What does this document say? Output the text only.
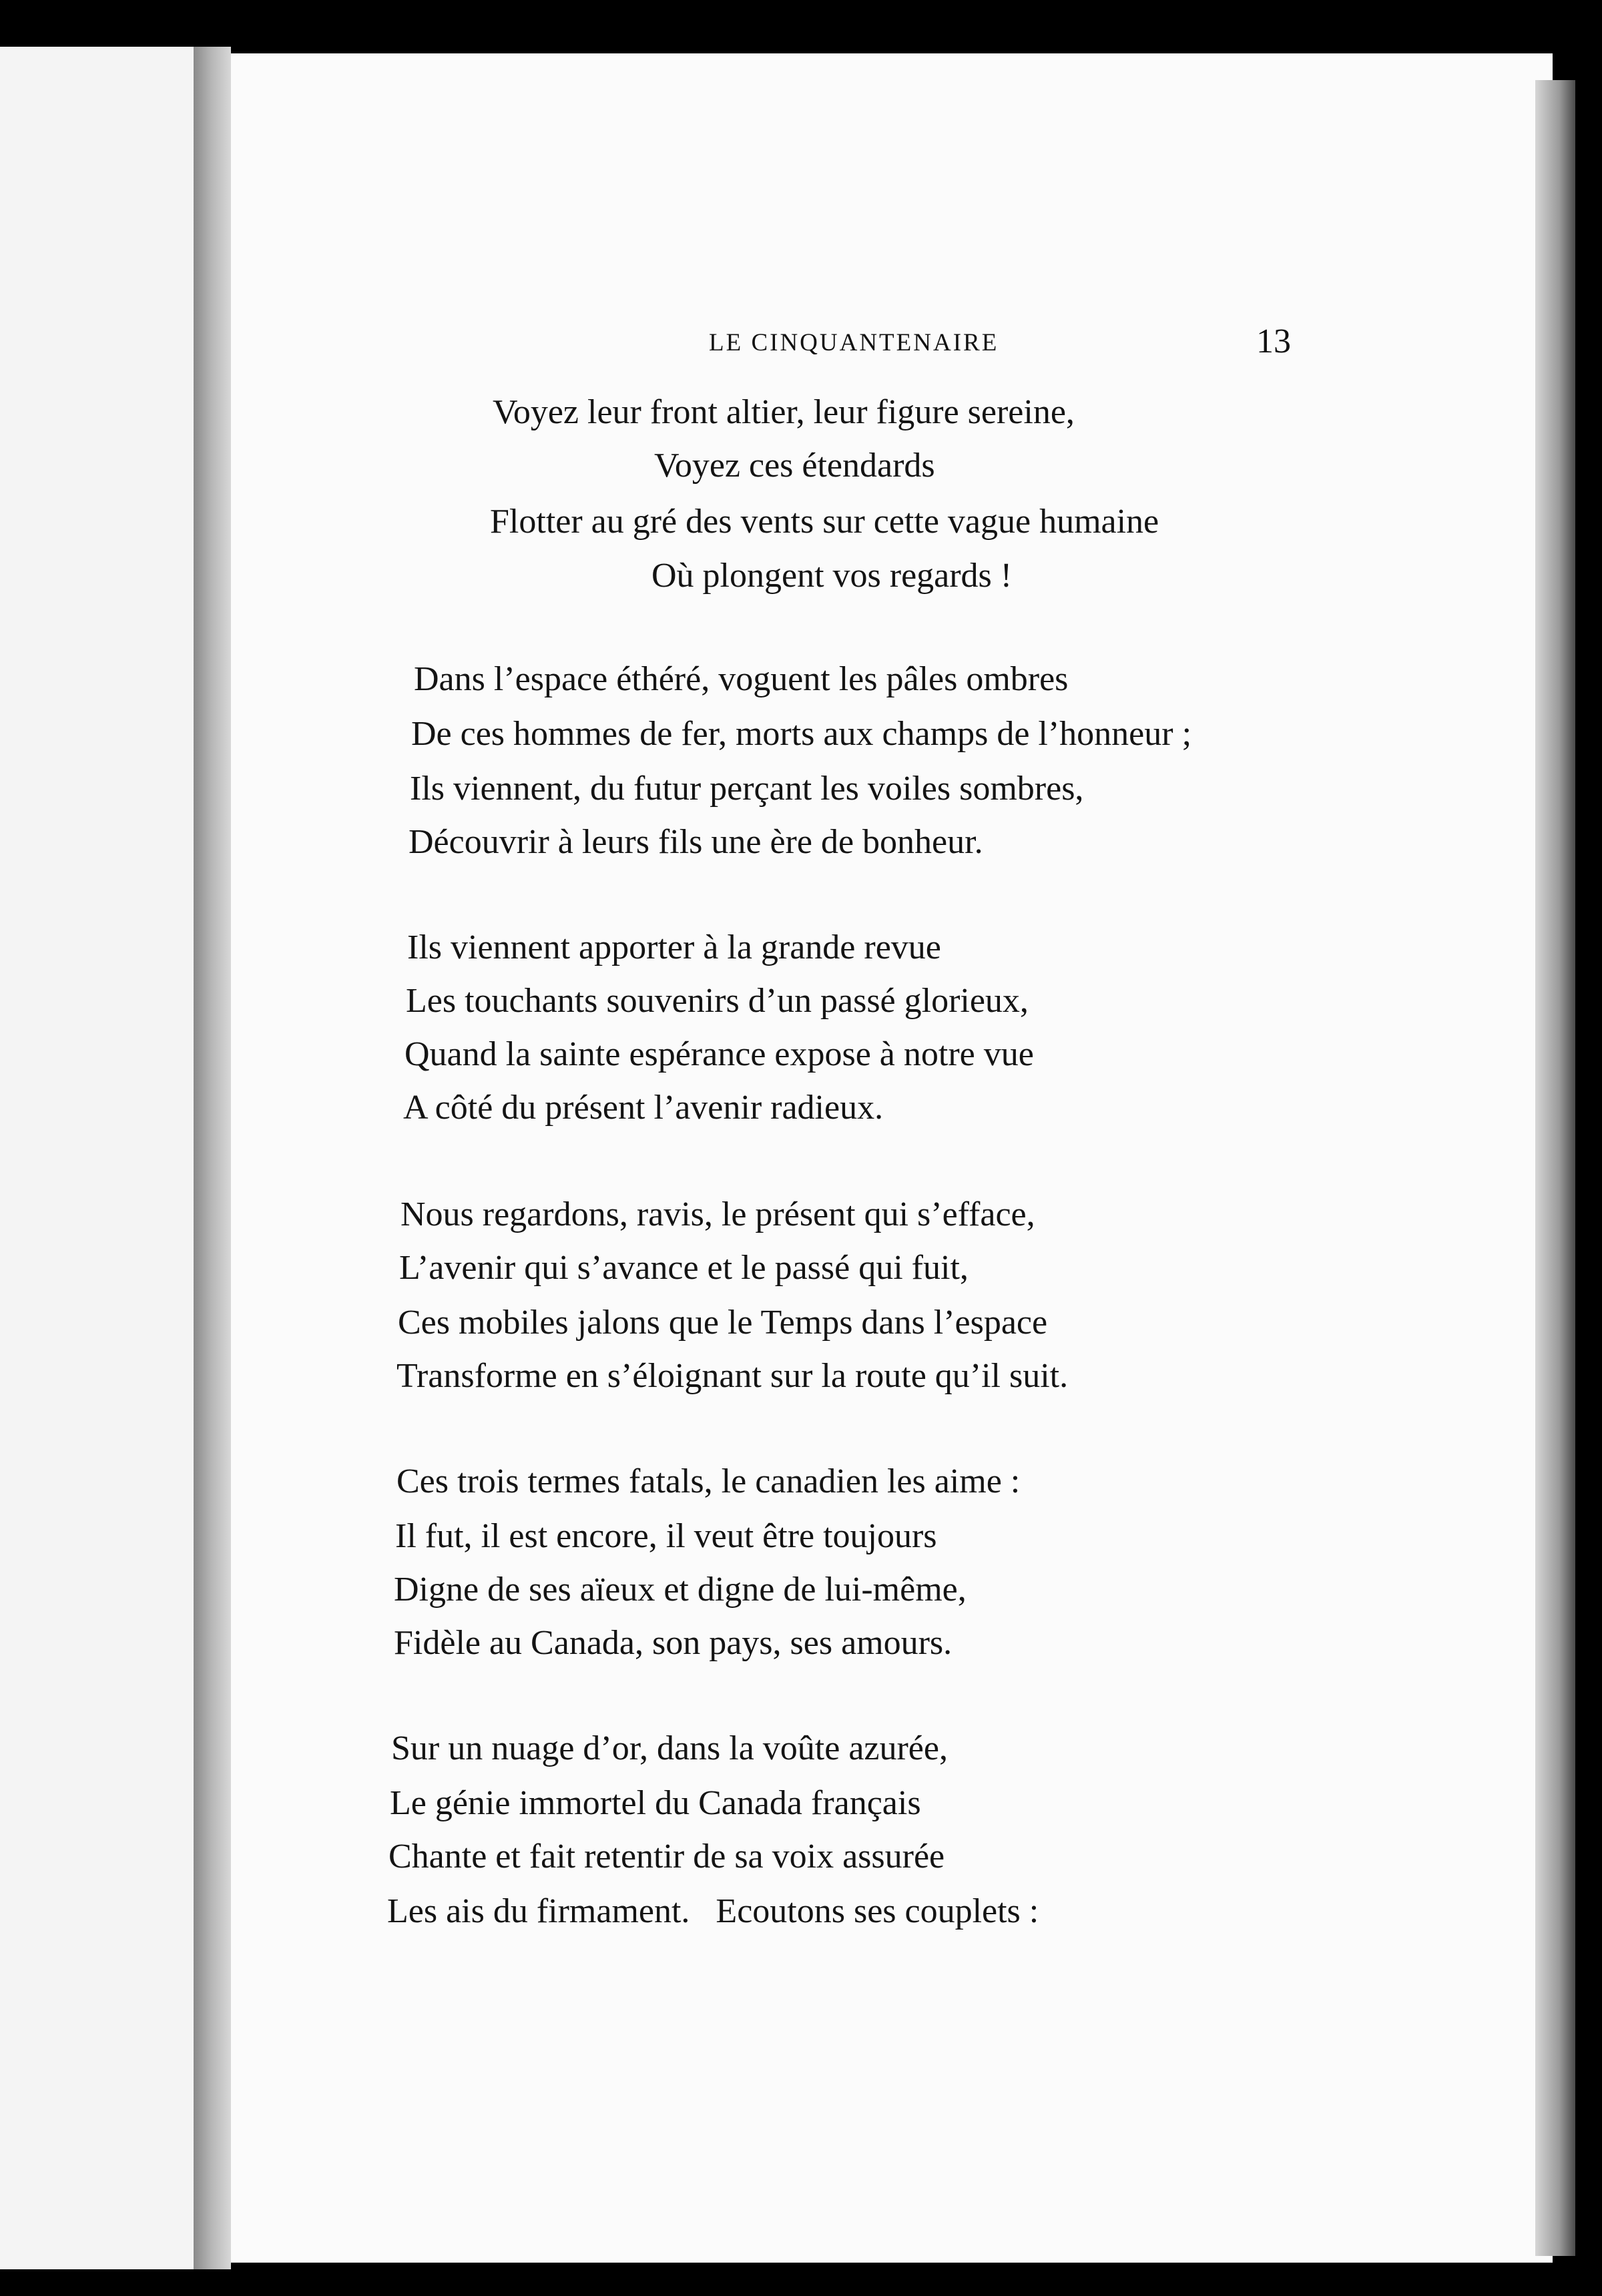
LE CINQUANTENAIRE	13
Voyez leur front altier, leur figure sereine,
Voyez ces étendards
Flotter au gré des vents sur cette vague humaine
Où plongent vos regards !
Dans l’espace éthéré, voguent les pâles ombres
De ces hommes de fer, morts aux champs de l’honneur ;
Ils viennent, du futur perçant les voiles sombres,
Découvrir à leurs fils une ère de bonheur.
Ils viennent apporter à la grande revue
Les touchants souvenirs d’un passé glorieux,
Quand la sainte espérance expose à notre vue
A côté du présent l’avenir radieux.
Nous regardons, ravis, le présent qui s’efface,
L’avenir qui s’avance et le passé qui fuit,
Ces mobiles jalons que le Temps dans l’espace
Transforme en s’éloignant sur la route qu’il suit.
Ces trois termes fatals, le canadien les aime :
Il fut, il est encore, il veut être toujours
Digne de ses aïeux et digne de lui-même,
Fidèle au Canada, son pays, ses amours.
Sur un nuage d’or, dans la voûte azurée,
Le génie immortel du Canada français
Chante et fait retentir de sa voix assurée
Les ais du firmament.   Ecoutons ses couplets :
